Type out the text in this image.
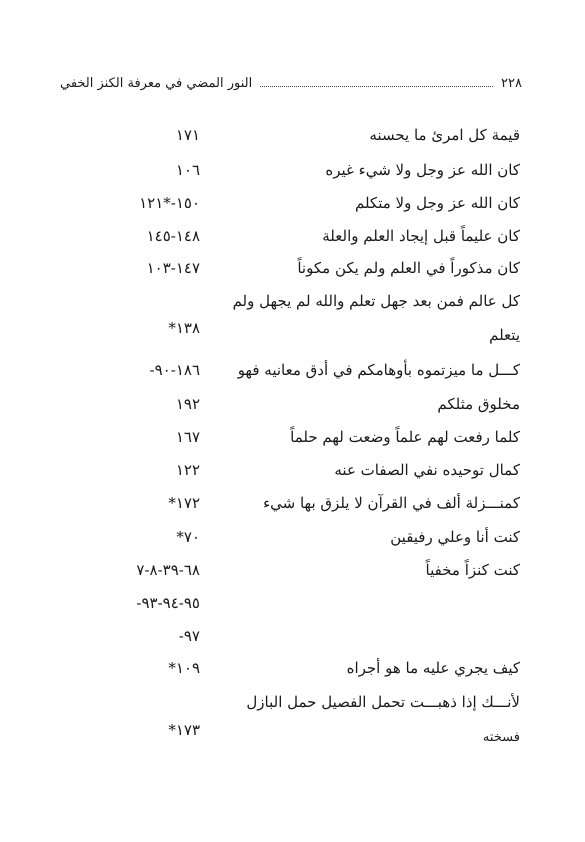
٢٢٨
النور المضي في معرفة الكنز الخفي
قيمة كل امرئ ما يحسنه
١٧١
كان الله عز وجل ولا شيء غيره
١٠٦
كان الله عز وجل ولا متكلم
١٥٠-*١٢١
كان عليماً قبل إيجاد العلم والعلة
١٤٨-١٤٥
كان مذكوراً في العلم ولم يكن مكوناً
١٤٧-١٠٣
كل عالم فمن بعد جهل تعلم والله لم يجهل ولم
يتعلم
*١٣٨
كـــل ما ميزتموه بأوهامكم في أدق معانيه فهو
-١٨٦-٩٠
مخلوق مثلكم
١٩٢
كلما رفعت لهم علماً وضعت لهم حلماً
١٦٧
كمال توحيده نفي الصفات عنه
١٢٢
كمنـــزلة ألف في القرآن لا يلزق بها شيء
*١٧٢
كنت أنا وعلي رفيقين
*٧٠
كنت كنزاً مخفياً
٦٨-٣٩-٨-٧
-٩٥-٩٤-٩٣
-٩٧
كيف يجري عليه ما هو أجراه
*١٠٩
لأنـــك إذا ذهبـــت تحمل الفصيل حمل البازل
فسخته
*١٧٣
